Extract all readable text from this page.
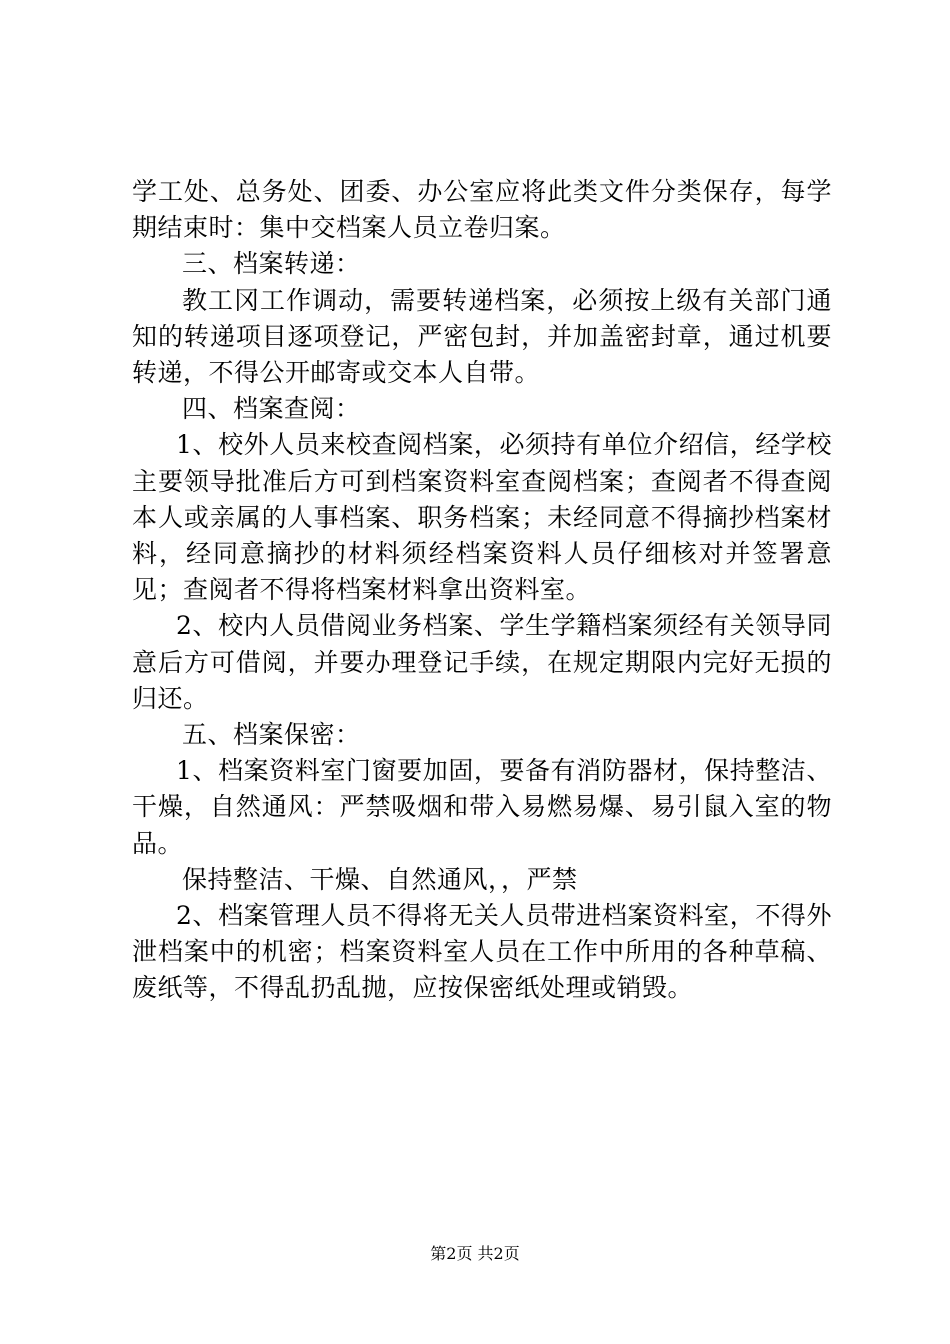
学工处、总务处、团委、办公室应将此类文件分类保存，每学期结束时：集中交档案人员立卷归案。

三、档案转递：

教工冈工作调动，需要转递档案，必须按上级有关部门通知的转递项目逐项登记，严密包封，并加盖密封章，通过机要转递，不得公开邮寄或交本人自带。

四、档案查阅：

1、校外人员来校查阅档案，必须持有单位介绍信，经学校主要领导批准后方可到档案资料室查阅档案；查阅者不得查阅本人或亲属的人事档案、职务档案；未经同意不得摘抄档案材料，经同意摘抄的材料须经档案资料人员仔细核对并签署意见；查阅者不得将档案材料拿出资料室。

2、校内人员借阅业务档案、学生学籍档案须经有关领导同意后方可借阅，并要办理登记手续，在规定期限内完好无损的归还。

五、档案保密：

1、档案资料室门窗要加固，要备有消防器材，保持整洁、干燥，自然通风：严禁吸烟和带入易燃易爆、易引鼠入室的物品。

保持整洁、干燥、自然通风，，严禁

2、档案管理人员不得将无关人员带进档案资料室，不得外泄档案中的机密；档案资料室人员在工作中所用的各种草稿、废纸等，不得乱扔乱抛，应按保密纸处理或销毁。

第2页 共2页
